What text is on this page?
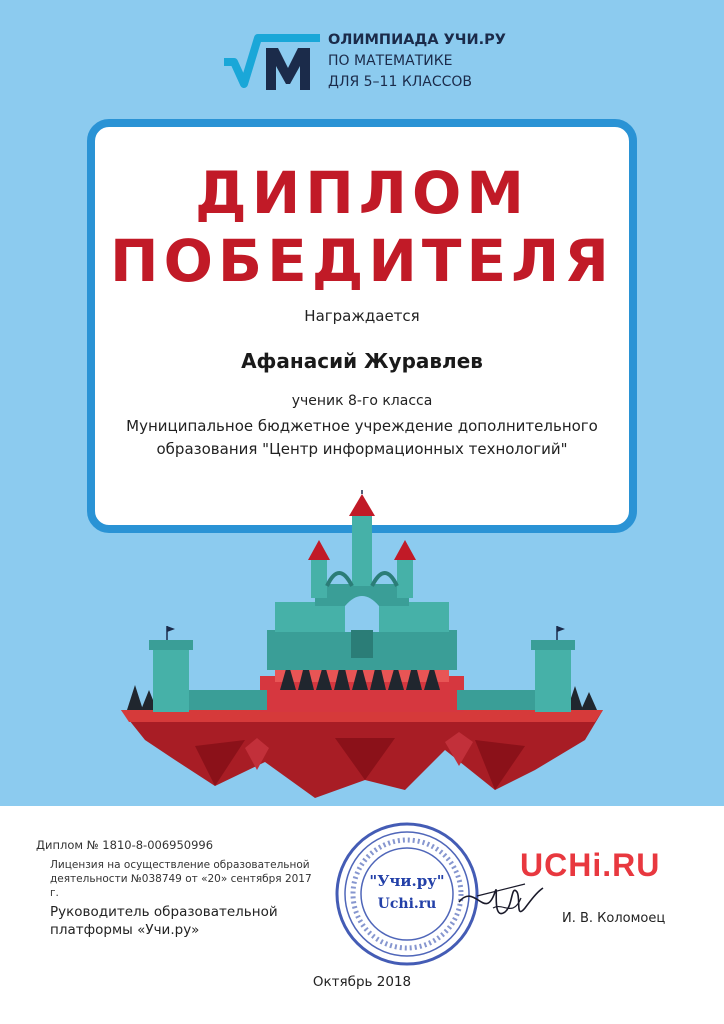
ОЛИМПИАДА УЧИ.РУ
ПО МАТЕМАТИКЕ
ДЛЯ 5–11 КЛАССОВ
ДИПЛОМ
ПОБЕДИТЕЛЯ
Награждается
Афанасий Журавлев
ученик 8-го класса
Муниципальное бюджетное учреждение дополнительного
образования "Центр информационных технологий"
Диплом № 1810-8-006950996
Лицензия на осуществление образовательной
деятельности №038749 от «20» сентября 2017 г.
Руководитель образовательной
платформы «Учи.ру»
"Учи.ру"
Uchi.ru
UCHi.RU
И. В. Коломоец
Октябрь 2018
